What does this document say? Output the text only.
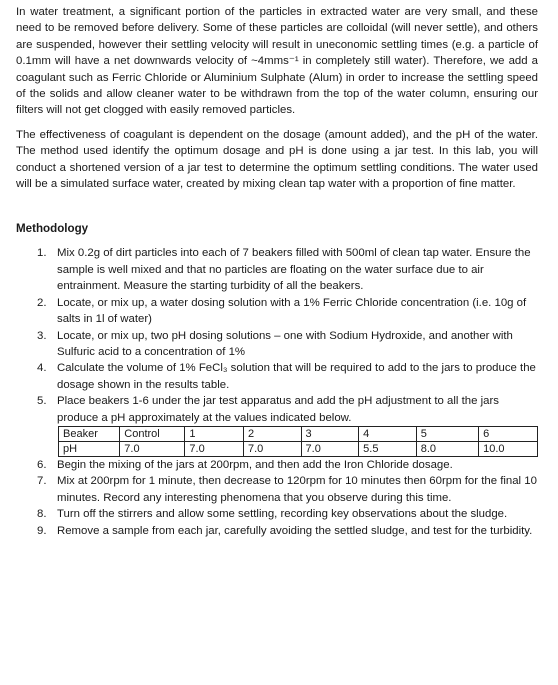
In water treatment, a significant portion of the particles in extracted water are very small, and these need to be removed before delivery. Some of these particles are colloidal (will never settle), and others are suspended, however their settling velocity will result in uneconomic settling times (e.g. a particle of 0.1mm will have a net downwards velocity of ~4mms⁻¹ in completely still water). Therefore, we add a coagulant such as Ferric Chloride or Aluminium Sulphate (Alum) in order to increase the settling speed of the solids and allow cleaner water to be withdrawn from the top of the water column, ensuring our filters will not get clogged with easily removed particles.

The effectiveness of coagulant is dependent on the dosage (amount added), and the pH of the water. The method used identify the optimum dosage and pH is done using a jar test. In this lab, you will conduct a shortened version of a jar test to determine the optimum settling conditions. The water used will be a simulated surface water, created by mixing clean tap water with a proportion of fine matter.

Methodology
1. Mix 0.2g of dirt particles into each of 7 beakers filled with 500ml of clean tap water. Ensure the sample is well mixed and that no particles are floating on the water surface due to air entrainment. Measure the starting turbidity of all the beakers.
2. Locate, or mix up, a water dosing solution with a 1% Ferric Chloride concentration (i.e. 10g of salts in 1l of water)
3. Locate, or mix up, two pH dosing solutions – one with Sodium Hydroxide, and another with Sulfuric acid to a concentration of 1%
4. Calculate the volume of 1% FeCl₃ solution that will be required to add to the jars to produce the dosage shown in the results table.
5. Place beakers 1-6 under the jar test apparatus and add the pH adjustment to all the jars produce a pH approximately at the values indicated below.
Beaker	Control	1	2	3	4	5	6
pH	7.0	7.0	7.0	7.0	5.5	8.0	10.0
6. Begin the mixing of the jars at 200rpm, and then add the Iron Chloride dosage.
7. Mix at 200rpm for 1 minute, then decrease to 120rpm for 10 minutes then 60rpm for the final 10 minutes. Record any interesting phenomena that you observe during this time.
8. Turn off the stirrers and allow some settling, recording key observations about the sludge.
9. Remove a sample from each jar, carefully avoiding the settled sludge, and test for the turbidity.
